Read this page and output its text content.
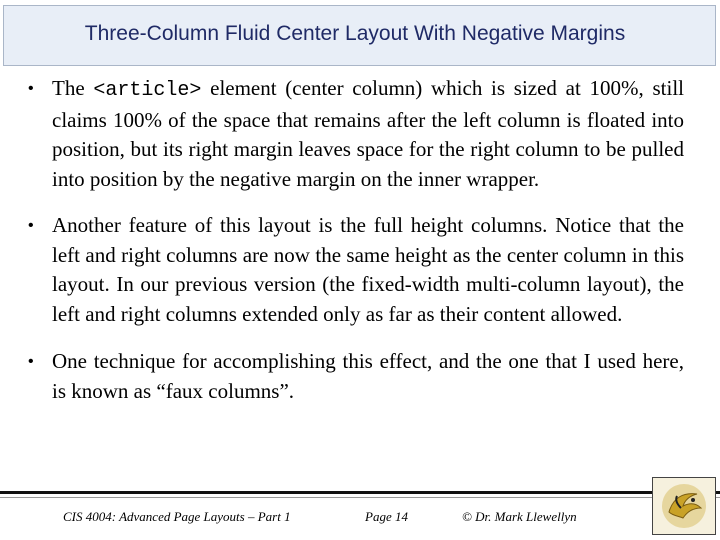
Three-Column Fluid Center Layout With Negative Margins
• The <article> element (center column) which is sized at 100%, still claims 100% of the space that remains after the left column is floated into position, but its right margin leaves space for the right column to be pulled into position by the negative margin on the inner wrapper.
• Another feature of this layout is the full height columns. Notice that the left and right columns are now the same height as the center column in this layout. In our previous version (the fixed-width multi-column layout), the left and right columns extended only as far as their content allowed.
• One technique for accomplishing this effect, and the one that I used here, is known as “faux columns”.
CIS 4004: Advanced Page Layouts – Part 1	Page 14	© Dr. Mark Llewellyn
